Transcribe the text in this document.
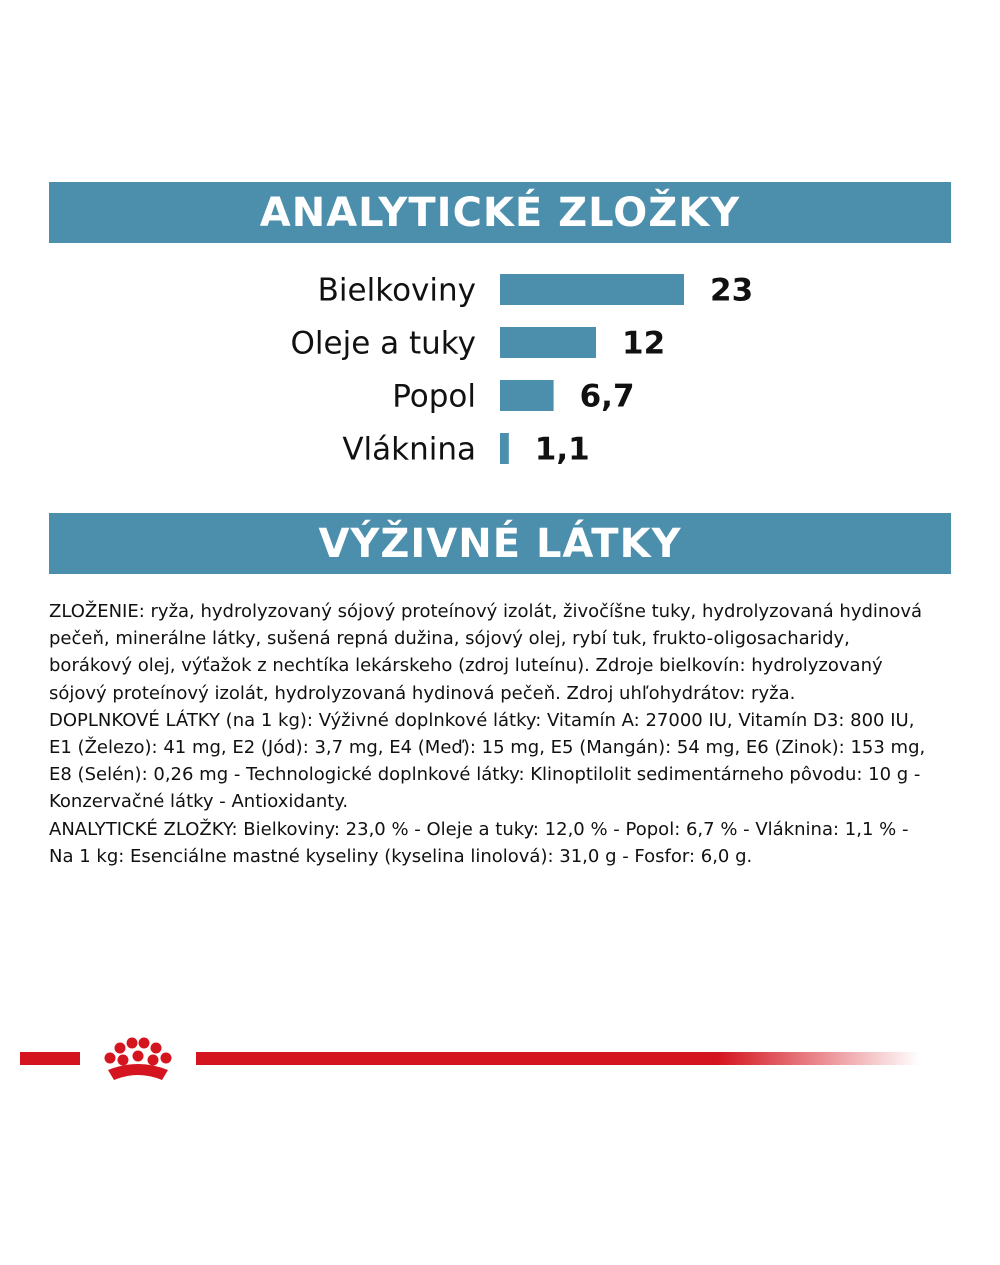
ANALYTICKÉ ZLOŽKY
Bielkoviny	23
Oleje a tuky	12
Popol	6,7
Vláknina 1,1
VÝŽIVNÉ LÁTKY
ZLOŽENIE: ryža, hydrolyzovaný sójový proteínový izolát, živočíšne tuky, hydrolyzovaná hydinová
pečeň, minerálne látky, sušená repná dužina, sójový olej, rybí tuk, frukto-oligosacharidy,
borákový olej, výťažok z nechtíka lekárskeho (zdroj luteínu). Zdroje bielkovín: hydrolyzovaný
sójový proteínový izolát, hydrolyzovaná hydinová pečeň. Zdroj uhľohydrátov: ryža.
DOPLNKOVÉ LÁTKY (na 1 kg): Výživné doplnkové látky: Vitamín A: 27000 IU, Vitamín D3: 800 IU,
E1 (Železo): 41 mg, E2 (Jód): 3,7 mg, E4 (Meď): 15 mg, E5 (Mangán): 54 mg, E6 (Zinok): 153 mg,
E8 (Selén): 0,26 mg - Technologické doplnkové látky: Klinoptilolit sedimentárneho pôvodu: 10 g -
Konzervačné látky - Antioxidanty.
ANALYTICKÉ ZLOŽKY: Bielkoviny: 23,0 % - Oleje a tuky: 12,0 % - Popol: 6,7 % - Vláknina: 1,1 % -
Na 1 kg: Esenciálne mastné kyseliny (kyselina linolová): 31,0 g - Fosfor: 6,0 g.
